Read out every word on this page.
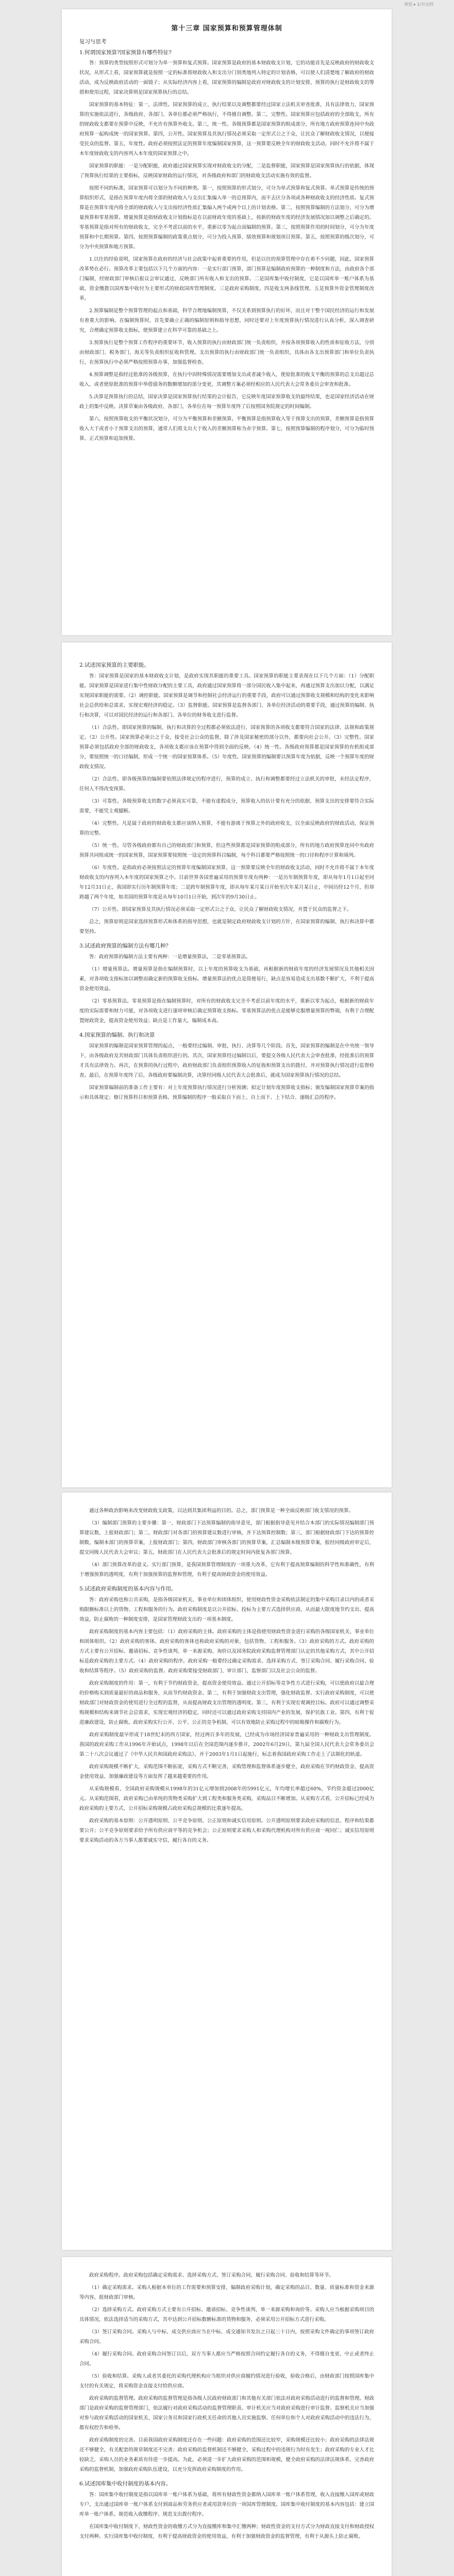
预览 ▸ 1/7/文档
第十三章 国家预算和预算管理体制
复习与思考
1.何谓国家预算?国家预算有哪些特征?

答：预算的类型按照形式可划分为单一预算和复式预算。国家预算是政府的基本财政收支计划，它的功能首先是反映政府的财政收支状况，从形式上看，国家预算就是按照一定的标准将财政收入和支出分门别类地列入特定的计划表格，可以使人们清楚地了解政府的财政活动，成为反映政府活动的一面镜子；从实际经济内容上看，国家预算的编制是政府对财政收支的计划安排，预算的执行是财政收支的筹措和使用过程，国家决算则是国家预算执行的总结。

国家预算的基本特征：第一，法律性。国家预算的成立、执行结果以及调整都要经过国家立法机关审查批准，具有法律效力，国家预算的实施依法进行，各级政府、各部门、各单位都必须严格执行，不得擅自调整。第二，完整性。国家预算应包括政府的全部收支，所有的财政收支都要在预算中反映，不允许有预算外收支。第三，统一性。各级预算都是国家预算的组成部分，所有地方政府预算连同中央政府预算一起构成统一的国家预算。第四，公开性。国家预算及其执行情况必须采取一定形式公之于众，让民众了解财政收支情况，以便接受民众的监督。第五，年度性。政府必须按照法定的预算年度编制国家预算，这一预算要反映全年的财政收支活动，同时不允许将不属于本年度财政收支的内容列入本年度的国家预算之中。

国家预算的职能：一是分配职能，政府通过国家预算实现对财政收支的分配，二是监督职能，国家预算是国家预算执行的依据，体现了预算执行结果的主要指标，反映国家财政的运行情况，对各级政府和部门的财政收支活动实施有效的监督。

按照不同的标准，国家预算可以划分为不同的种类。第一，按照预算的形式划分，可分为单式预算和复式预算。单式预算是传统的预算组织形式，是指在预算年度内将全部的财政收入与支出汇集编入单一的总预算内，而不去区分各项或各种财政收支的经济性质。复式预算是在预算年度内将全部的财政收入与支出按经济性质汇集编入两个或两个以上的计划表格。第二，按照预算编制的方法划分，可分为增量预算和零基预算。增量预算是指财政收支计划指标是在以前财政年度的基础上，按新的财政年度的经济发展情况加以调整之后确定的。零基预算是指对所有的财政收支，完全不考虑以前的水平，重新以零为起点而编制的预算。第三，按照预算作用的时间划分，可分为年度预算和中长期预算。第四，按照预算编制的政策重点划分，可分为投入预算、绩效预算和规划项目预算。第五，按照预算的级次划分，可分为中央预算和地方预算。

1.以往的经验说明，国家预算在政府的经济与社会政策中起着重要的作用，但是以往的预算管理中存在着不少问题，因此，国家预算改革势在必行。预算改革主要包括以下几个方面的内容：一是实行部门预算，部门预算是编制政府预算的一种制度和方法，由政府各个部门编制，经财政部门审核后报议会审议通过，反映部门所有收入和支出的预算。二是国库集中收付制度，它是以国库单一账户体系为基础，资金缴拨以国库集中收付为主要形式的财政国库管理制度。三是政府采购制度。四是收支两条线管理。五是预算外资金管理制度改革。

2.预算编制是整个预算管理的起点和基础，科学合理地编制预算，不仅关系到预算执行的好坏，而且对于整个国民经济的运行和发展有着重大的影响。在编制预算时，首先要确立正确的编制原则和指导思想，同时还要对上年度预算执行情况进行认真分析，深入调查研究，合理确定预算收支指标，使预算建立在科学可靠的基础之上。

3.预算执行是整个预算工作程序的重要环节，收入预算的执行由财政部门统一负责组织，并按各项预算收入的性质和征收方法，分别由财政部门、税务部门、海关等负责组织征收和管理。支出预算的执行由财政部门统一负责组织，具体由各支出预算部门和单位负责执行，在预算执行中必须严格按照预算办事，加强监督检查。

4.预算调整是指经过批准的各级预算，在执行中因特殊情况需要增加支出或者减少收入，使原批准的收支平衡的预算的总支出超过总收入，或者使原批准的预算中举借债务的数额增加的部分变更，其调整方案必须经相应的人民代表大会常务委员会审查和批准。

5.决算是预算执行的总结，国家决算是国家预算执行结果的会计报告，它反映年度国家预算收支的最终结果，也是国家经济活动在财政上的集中反映。决算草案由各级政府、各部门、各单位在每一预算年度终了后按照国务院规定的时间编制。

第六，按照预算收支的平衡状况划分，可分为平衡预算和差额预算。平衡预算是指预算收入等于预算支出的预算，差额预算是指预算收入大于或者小于预算支出的预算，通常人们将支出大于收入的差额预算称为赤字预算。第七，按照预算编制的程序划分，可分为临时预算、正式预算和追加预算。

2.试述国家预算的主要职能。

答：国家预算是国家的基本财政收支计划，是政府实现其职能的重要工具。国家预算的职能主要表现在以下几个方面：（1）分配职能。国家预算是国家进行集中性财政分配的主要工具，政府通过国家预算将一部分国民收入集中起来，再通过预算支出加以分配，以满足实现国家职能的需要。（2）调控职能。国家预算是调节和控制社会经济运行的重要手段，政府可以通过预算收支规模和结构的变化来影响社会总供给和总需求，实现宏观经济的稳定。（3）监督职能。国家预算是监督各部门、各单位经济活动的重要手段，通过预算的编制、执行和决算，可以对国民经济的运行和各部门、各单位的财务收支进行监督。

（1）合法性。即国家预算的编制、执行和决算的全过程都必须依法进行，国家预算的各项收支都要符合国家的法律、法规和政策规定。（2）公开性。国家预算必须公之于众，接受社会公众的监督，除了涉及国家秘密的部分以外，都要向社会公开。（3）完整性。国家预算必须包括政府全部的财政收支，各项收支都应该在预算中得到全面的反映。（4）统一性。各级政府预算都是国家预算的有机组成部分，要按照统一的口径编制，形成一个统一的国家预算体系。（5）年度性。国家预算的编制要以预算年度为依据，反映一个预算年度的财政收支情况。

（2）合法性。即各级预算的编制要依照法律规定的程序进行，预算的成立、执行和调整都要经过立法机关的审批，未经法定程序，任何人不得改变预算。

（3）可靠性。各级预算收支的数字必须真实可靠，不能有虚假成分，预算收入的估计要有充分的依据，预算支出的安排要符合实际需要，不能凭主观臆断。

（4）完整性。凡是属于政府的财政收支都应该纳入预算，不能有游离于预算之外的政府收支，以全面反映政府的财政活动，保证预算的完整。

（5）统一性。尽管各级政府都有自己的财政部门和预算，但这些预算都是国家预算的组成部分，所有的地方政府预算连同中央政府预算共同组成统一的国家预算，国家预算要按照统一设定的预算科目编制，每个科目都要严格按照统一的口径和程序计算和填列。

（6）年度性。是指政府必须按照法定的预算年度编制国家预算，这一预算要反映全年的财政收支活动，同时不允许将不属于本年度财政收支的内容列入本年度的国家预算之中。目前世界各国普遍采用的预算年度有两种：一是历年制预算年度，即从每年1月1日起至同年12月31日止，我国即实行历年制预算年度；二是跨年制预算年度，即从每年某月某日开始至次年某月某日止，中间历经12个月，但却跨越了两个年度，如美国的预算年度是从每年10月1日开始，到次年的9月30日止。

（7）公开性。即国家预算及其执行情况必须采取一定形式公之于众，让民众了解财政收支情况，并置于民众的监督之下。

总之，预算原则是国家选择预算形式和体系的指导思想，也就是制定政府财政收支计划的方针，在国家预算的编制、执行和决算中都要坚持。

3.试述政府预算的编制方法有哪几种？

答：政府预算的编制方法主要有两种：一是增量预算法，二是零基预算法。

（1）增量预算法。增量预算是指在编制预算时，以上年度的预算收支为基础，再根据新的财政年度的经济发展情况及其他相关因素，对各项收支指标加以调整而确定新的预算收支指标。增量预算法的优点是简便易行，缺点是容易造成支出基数不断扩大，不利于提高资金使用效益。

（2）零基预算法。零基预算是指在编制预算时，对所有的财政收支完全不考虑以前年度的水平，重新以零为起点，根据新的财政年度的实际需要和财力可能，对各项收支进行逐项审核后确定预算收支指标。零基预算法的优点是能够克服增量预算的弊端，有利于合理配置财政资金，提高资金使用效益；缺点是工作量大，编制成本高。

4.国家预算的编制、执行和决算

国家预算的编制是国家预算管理的起点，一般要经过编制、审批、执行、决算等几个阶段。首先，国家预算的编制是在中央统一领导下，由各级政府及其财政部门具体负责组织进行的。其次，国家预算经过编制以后，要提交各级人民代表大会审查批准，经批准后的预算才具有法律效力。再次，在预算的执行过程中，政府财政部门负责组织预算收入的征收和预算支出的拨付，并对预算执行情况进行监督检查。最后，在预算年度终了后，各级政府要编制决算，决算经同级人民代表大会批准后，就成为国家预算执行情况的总结。

国家预算编制前的准备工作主要有：对上年度预算执行情况进行分析预测；拟定计划年度预算收支指标；颁发编制国家预算草案的指示和具体规定；修订预算科目和预算表格。预算编制的程序一般采取自下而上、自上而下、上下结合、逐级汇总的程序。

通过各种政治影响来改变财政收支政策，以达到其集团利益的目的。总之，部门预算是一种全面反映部门收支情况的预算。

（3）编制部门预算的主要步骤：第一，财政部门下达预算编制的指导意见，部门根据指导意见并结合本部门的实际情况编制部门预算建议数，上报财政部门；第二，财政部门对各部门的预算建议数进行审核，并下达预算控制数；第三，部门根据财政部门下达的预算控制数，编制本部门的预算草案，上报财政部门；第四，财政部门审核各部门的预算草案，汇总编制本级预算草案，报经同级政府审定后，提交同级人民代表大会审议；第五，财政部门在人民代表大会批准后的规定时间内批复各部门预算。

（4）部门预算改革的意义。实行部门预算，是我国预算管理制度的一项重大改革，它有利于提高预算编制的科学性和准确性，有利于增强预算的透明度，有利于加强预算的监督和管理，有利于提高财政资金的使用效益。

5.试述政府采购制度的基本内容与作用。

答：政府采购也称公共采购，是指各级国家机关、事业单位和团体组织，使用财政性资金采购依法制定的集中采购目录以内的或者采购限额标准以上的货物、工程和服务的行为。政府采购制度是以公开招标、投标为主要方式选择供应商，从而最大限度地节约支出、提高效益，防止腐败的一种制度安排，是国家管理财政支出的一项基本制度。

政府采购制度的基本内容主要包括：（1）政府采购的主体。政府采购的主体是指使用财政性资金进行采购的各级国家机关、事业单位和团体组织。（2）政府采购的客体。政府采购的客体也称政府采购的对象，包括货物、工程和服务。（3）政府采购的方式。政府采购的方式主要有公开招标、邀请招标、竞争性谈判、单一来源采购、询价以及国务院政府采购监督管理部门认定的其他采购方式，其中公开招标是政府采购的主要方式。（4）政府采购的程序。政府采购一般要经过确定采购需求、选择采购方式、签订采购合同、履行采购合同、验收和结算等程序。（5）政府采购的监督。政府采购要接受财政部门、审计部门、监察部门以及社会公众的监督。

政府采购制度的作用：第一，有利于节约财政资金，提高资金使用效益。通过公开招标等竞争性方式进行采购，可以使政府以最合理的价格购买到质量最好的商品和服务，从而节约财政资金。第二，有利于加强财政支出管理，强化财政监督。实行政府采购制度，可以使财政部门对财政资金的使用进行全过程的监督，从而提高财政支出管理的透明度。第三，有利于实现宏观调控目标。政府可以通过调整采购规模和结构来调节社会总需求，实现宏观经济的稳定，同时还可以通过政府采购支持国内产业的发展，保护民族工业。第四，有利于促进廉政建设，防止腐败。政府采购实行公开、公平、公正的竞争机制，可以有效地防止采购过程中的暗箱操作和腐败行为。

政府采购制度最早形成于18世纪末的西方国家，经过两百多年的发展，已经成为市场经济国家普遍采用的一种财政支出管理制度。我国的政府采购工作从1996年开始试点，1998年以后在全国范围内逐步推开，2002年6月29日，第九届全国人民代表大会常务委员会第二十八次会议通过了《中华人民共和国政府采购法》，并于2003年1月1日起施行，标志着我国政府采购工作走上了法制化的轨道。

政府采购规模不断扩大，采购范围不断拓宽，采购方式不断完善，采购管理和监督体系逐步健全，政府采购在节约财政资金、提高资金使用效益、加强廉政建设等方面发挥了越来越重要的作用。

从采购规模看，全国政府采购规模从1998年的31亿元增加到2008年的5991亿元，年均增长率超过60%，节约资金超过2000亿元。从采购范围看，政府采购已由单纯的货物类采购扩大到工程类和服务类采购，采购品目不断增加。从采购方式看，公开招标已经成为政府采购的主要方式，公开招标采购规模占政府采购总规模的比重逐年提高。

政府采购的基本原则：公开透明原则、公平竞争原则、公正原则和诚实信用原则。公开透明原则要求政府采购的信息、程序和结果都要公开；公平竞争原则要求给予所有供应商平等的竞争机会；公正原则要求采购人和采购代理机构对所有供应商一视同仁；诚实信用原则要求采购活动的各方当事人都要诚实守信，履行各自的义务。

政府采购程序。政府采购包括确定采购需求、选择采购方式、签订采购合同、履行采购合同、验收和结算等环节。

（1）确定采购需求。采购人根据本单位的工作需要和预算安排，编制政府采购计划，确定采购的品目、数量、质量标准和资金来源等内容，报财政部门审核。

（2）选择采购方式。政府采购方式主要有公开招标、邀请招标、竞争性谈判、单一来源采购和询价等。采购人应当根据采购项目的具体情况，依法选择适当的采购方式，其中达到公开招标数额标准的货物和服务，必须采用公开招标方式进行采购。

（3）签订采购合同。采购人与中标、成交供应商应当在中标、成交通知书发出之日起三十日内，按照采购文件确定的事项签订政府采购合同。

（4）履行采购合同。政府采购合同签订以后，双方当事人都应当严格按照合同约定履行各自的义务，不得擅自变更、中止或者终止合同。

（5）验收和结算。采购人或者其委托的采购代理机构应当组织对供应商履约情况进行验收，验收合格后，由财政部门按照国库集中支付的有关规定，将采购资金直接支付给供应商。

政府采购的监督管理。政府采购的监督管理是指各级人民政府财政部门和其他有关部门依法对政府采购活动进行的监督和管理。财政部门是政府采购的监督管理部门，依法履行对政府采购活动的监督管理职责。审计机关应当对政府采购进行审计监督。监察机关应当加强对参与政府采购活动的国家机关、国家公务员和国家行政机关任命的其他人员实施监察。任何单位和个人对政府采购活动中的违法行为，都有权控告和检举。

政府采购制度的完善。目前我国政府采购制度还存在一些问题：政府采购的范围还比较窄，采购规模还比较小；政府采购的法律法规还不够健全，有关配套的规章制度还不完善；政府采购的监督机制还不够健全，采购过程中的违规行为时有发生；政府采购的专业人才比较缺乏，采购人员的业务素质有待进一步提高。为此，必须进一步扩大政府采购的范围和规模，健全政府采购的法律法规体系，完善政府采购的监督机制，加强政府采购队伍建设，以充分发挥政府采购制度的作用。

6.试述国库集中收付制度的基本内容。

答：国库集中收付制度是指以国库单一账户体系为基础，将所有财政性资金都纳入国库单一账户体系管理，收入直接缴入国库或财政专户，支出通过国库单一账户体系支付到商品和劳务供应者或用款单位的一项国库管理制度。国库集中收付制度的基本内容包括：建立国库单一账户体系、规范收入收缴程序、规范支出拨付程序。

在国库集中收付制度下，财政性资金的收缴方式分为直接缴库和集中汇缴两种；财政性资金的支付方式分为财政直接支付和财政授权支付两种。实行国库集中收付制度，有利于提高财政资金的使用效益，有利于加强财政资金的监督管理，有利于从源头上防止腐败。
